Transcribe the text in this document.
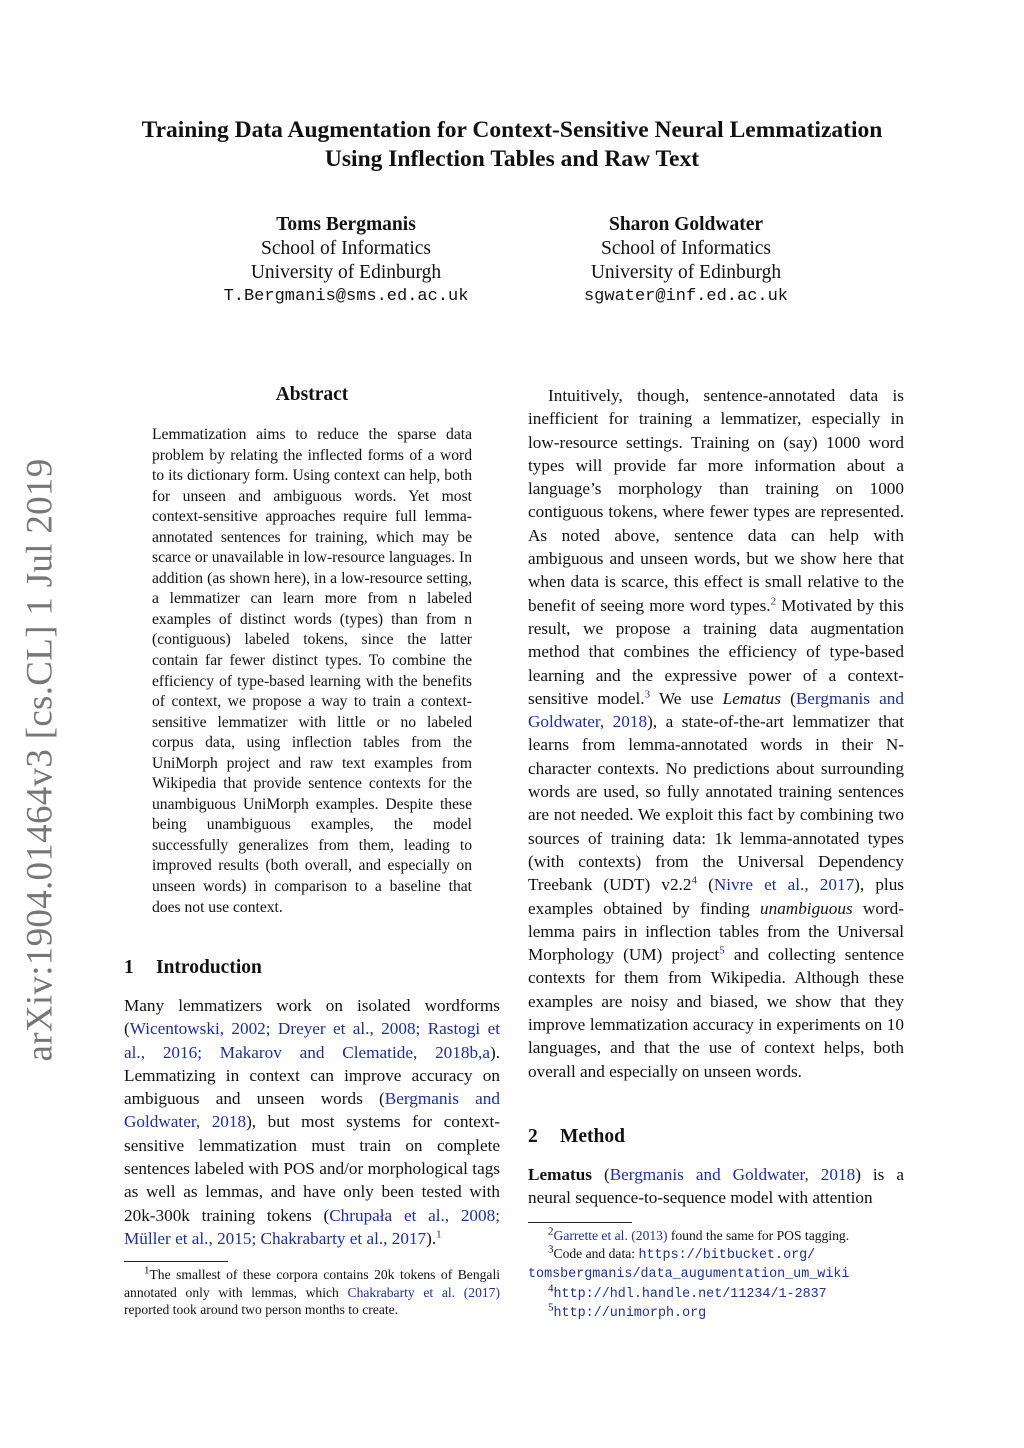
Training Data Augmentation for Context-Sensitive Neural Lemmatization
Using Inflection Tables and Raw Text
Toms Bergmanis
School of Informatics
University of Edinburgh
T.Bergmanis@sms.ed.ac.uk
Sharon Goldwater
School of Informatics
University of Edinburgh
sgwater@inf.ed.ac.uk
arXiv:1904.01464v3 [cs.CL] 1 Jul 2019
Abstract

Lemmatization aims to reduce the sparse data problem by relating the inflected forms of a word to its dictionary form. Using context can help, both for unseen and ambiguous words. Yet most context-sensitive approaches require full lemma-annotated sentences for training, which may be scarce or unavailable in low-resource languages. In addition (as shown here), in a low-resource setting, a lemmatizer can learn more from n labeled examples of distinct words (types) than from n (contiguous) labeled tokens, since the latter contain far fewer distinct types. To combine the efficiency of type-based learning with the benefits of context, we propose a way to train a context-sensitive lemmatizer with little or no labeled corpus data, using inflection tables from the UniMorph project and raw text examples from Wikipedia that provide sentence contexts for the unambiguous UniMorph examples. Despite these being unambiguous examples, the model successfully generalizes from them, leading to improved results (both overall, and especially on unseen words) in comparison to a baseline that does not use context.

1 Introduction

Many lemmatizers work on isolated wordforms (Wicentowski, 2002; Dreyer et al., 2008; Rastogi et al., 2016; Makarov and Clematide, 2018b,a). Lemmatizing in context can improve accuracy on ambiguous and unseen words (Bergmanis and Goldwater, 2018), but most systems for context-sensitive lemmatization must train on complete sentences labeled with POS and/or morphological tags as well as lemmas, and have only been tested with 20k-300k training tokens (Chrupała et al., 2008; Müller et al., 2015; Chakrabarty et al., 2017).$^1$

$^1$The smallest of these corpora contains 20k tokens of Bengali annotated only with lemmas, which Chakrabarty et al. (2017) reported took around two person months to create.

Intuitively, though, sentence-annotated data is inefficient for training a lemmatizer, especially in low-resource settings. Training on (say) 1000 word types will provide far more information about a language’s morphology than training on 1000 contiguous tokens, where fewer types are represented. As noted above, sentence data can help with ambiguous and unseen words, but we show here that when data is scarce, this effect is small relative to the benefit of seeing more word types.$^2$ Motivated by this result, we propose a training data augmentation method that combines the efficiency of type-based learning and the expressive power of a context-sensitive model.$^3$ We use Lematus (Bergmanis and Goldwater, 2018), a state-of-the-art lemmatizer that learns from lemma-annotated words in their N-character contexts. No predictions about surrounding words are used, so fully annotated training sentences are not needed. We exploit this fact by combining two sources of training data: 1k lemma-annotated types (with contexts) from the Universal Dependency Treebank (UDT) v2.2$^4$ (Nivre et al., 2017), plus examples obtained by finding unambiguous word-lemma pairs in inflection tables from the Universal Morphology (UM) project$^5$ and collecting sentence contexts for them from Wikipedia. Although these examples are noisy and biased, we show that they improve lemmatization accuracy in experiments on 10 languages, and that the use of context helps, both overall and especially on unseen words.

2 Method

Lematus (Bergmanis and Goldwater, 2018) is a neural sequence-to-sequence model with attention

$^2$Garrette et al. (2013) found the same for POS tagging.

$^3$Code and data: https://bitbucket.org/
tomsbergmanis/data_augumentation_um_wiki

$^4$http://hdl.handle.net/11234/1-2837

$^5$http://unimorph.org
